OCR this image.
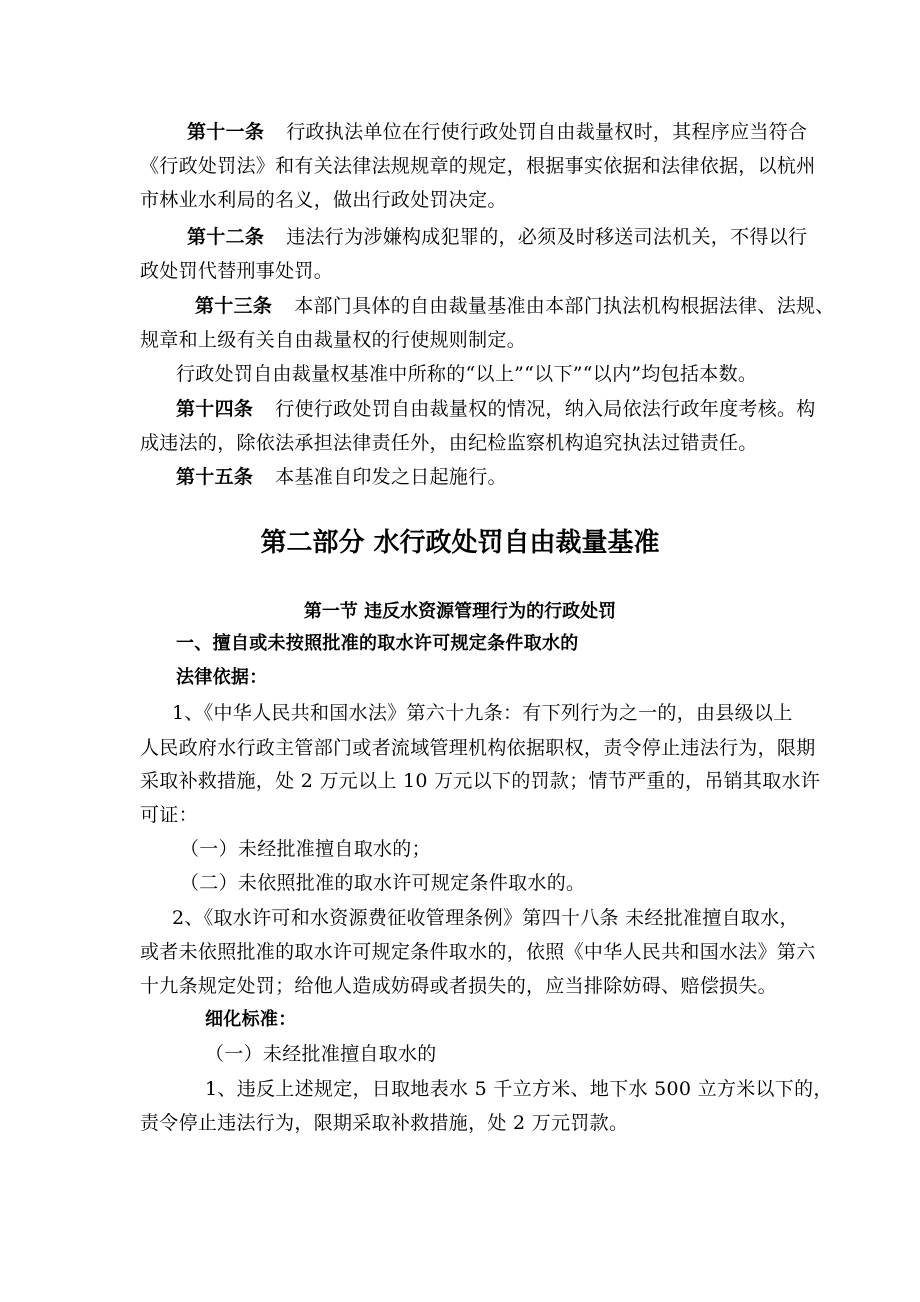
第十一条 行政执法单位在行使行政处罚自由裁量权时，其程序应当符合
《行政处罚法》和有关法律法规规章的规定，根据事实依据和法律依据，以杭州
市林业水利局的名义，做出行政处罚决定。
第十二条 违法行为涉嫌构成犯罪的，必须及时移送司法机关，不得以行
政处罚代替刑事处罚。
第十三条 本部门具体的自由裁量基准由本部门执法机构根据法律、法规、
规章和上级有关自由裁量权的行使规则制定。
行政处罚自由裁量权基准中所称的“以上”“以下”“以内”均包括本数。
第十四条 行使行政处罚自由裁量权的情况，纳入局依法行政年度考核。构
成违法的，除依法承担法律责任外，由纪检监察机构追究执法过错责任。
第十五条 本基准自印发之日起施行。
第二部分 水行政处罚自由裁量基准
第一节 违反水资源管理行为的行政处罚
一、擅自或未按照批准的取水许可规定条件取水的
法律依据：
1、《中华人民共和国水法》第六十九条：有下列行为之一的，由县级以上
人民政府水行政主管部门或者流域管理机构依据职权，责令停止违法行为，限期
采取补救措施，处 2 万元以上 10 万元以下的罚款；情节严重的，吊销其取水许
可证：
（一）未经批准擅自取水的；
（二）未依照批准的取水许可规定条件取水的。
2、《取水许可和水资源费征收管理条例》第四十八条 未经批准擅自取水，
或者未依照批准的取水许可规定条件取水的，依照《中华人民共和国水法》第六
十九条规定处罚；给他人造成妨碍或者损失的，应当排除妨碍、赔偿损失。
细化标准：
（一）未经批准擅自取水的
1、违反上述规定，日取地表水 5 千立方米、地下水 500 立方米以下的，
责令停止违法行为，限期采取补救措施，处 2 万元罚款。
